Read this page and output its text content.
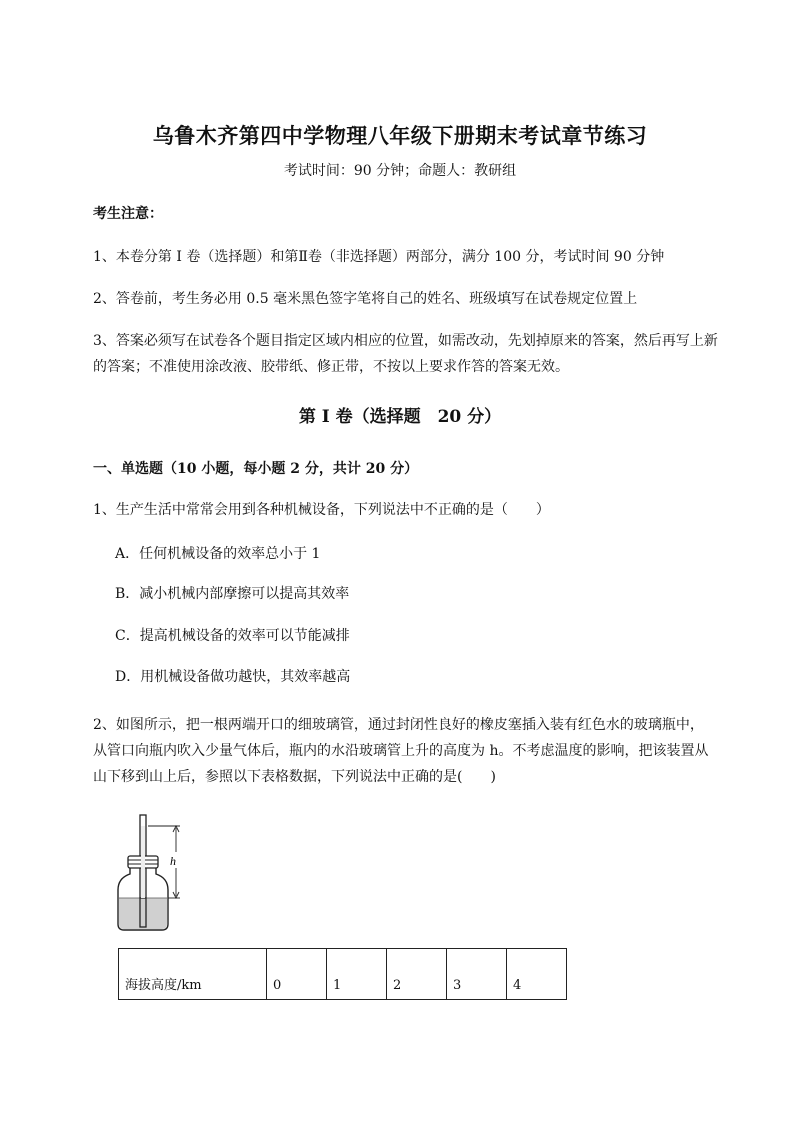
乌鲁木齐第四中学物理八年级下册期末考试章节练习
考试时间：90 分钟；命题人：教研组
考生注意：
1、本卷分第 I 卷（选择题）和第Ⅱ卷（非选择题）两部分，满分 100 分，考试时间 90 分钟
2、答卷前，考生务必用 0.5 毫米黑色签字笔将自己的姓名、班级填写在试卷规定位置上
3、答案必须写在试卷各个题目指定区域内相应的位置，如需改动，先划掉原来的答案，然后再写上新
的答案；不准使用涂改液、胶带纸、修正带，不按以上要求作答的答案无效。
第 I 卷（选择题　20 分）
一、单选题（10 小题，每小题 2 分，共计 20 分）
1、生产生活中常常会用到各种机械设备，下列说法中不正确的是（　　）
A．任何机械设备的效率总小于 1
B．减小机械内部摩擦可以提高其效率
C．提高机械设备的效率可以节能减排
D．用机械设备做功越快，其效率越高
2、如图所示，把一根两端开口的细玻璃管，通过封闭性良好的橡皮塞插入装有红色水的玻璃瓶中，从管口向瓶内吹入少量气体后，瓶内的水沿玻璃管上升的高度为 h。不考虑温度的影响，把该装置从山下移到山上后，参照以下表格数据，下列说法中正确的是(　　)
h
海拔高度/km	0	1	2	3	4
